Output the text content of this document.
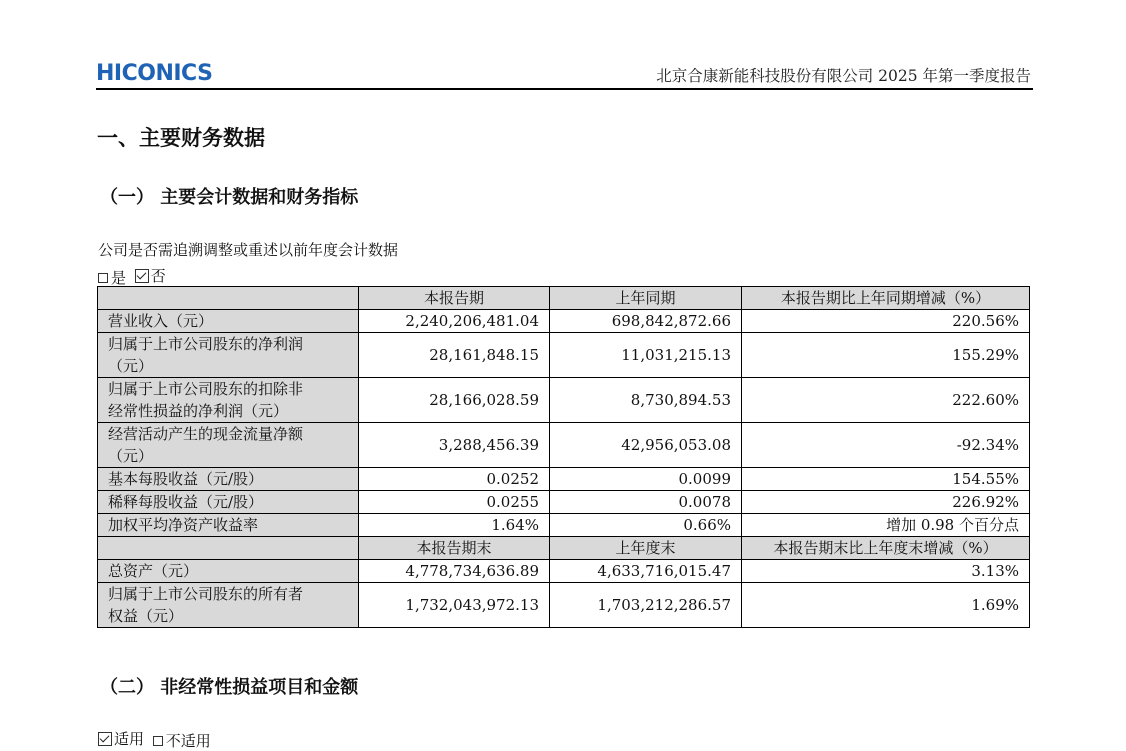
HICONICS	北京合康新能科技股份有限公司 2025 年第一季度报告
一、主要财务数据
（一） 主要会计数据和财务指标
公司是否需追溯调整或重述以前年度会计数据
是
否
	本报告期	上年同期	本报告期比上年同期增减（%）
营业收入（元）	2,240,206,481.04	698,842,872.66	220.56%
归属于上市公司股东的净利润
（元）	28,161,848.15	11,031,215.13	155.29%
归属于上市公司股东的扣除非
经常性损益的净利润（元）	28,166,028.59	8,730,894.53	222.60%
经营活动产生的现金流量净额
（元）	3,288,456.39	42,956,053.08	-92.34%
基本每股收益（元/股）	0.0252	0.0099	154.55%
稀释每股收益（元/股）	0.0255	0.0078	226.92%
加权平均净资产收益率	1.64%	0.66%	增加 0.98 个百分点
	本报告期末	上年度末	本报告期末比上年度末增减（%）
总资产（元）	4,778,734,636.89	4,633,716,015.47	3.13%
归属于上市公司股东的所有者
权益（元）	1,732,043,972.13	1,703,212,286.57	1.69%
（二） 非经常性损益项目和金额
适用
不适用
